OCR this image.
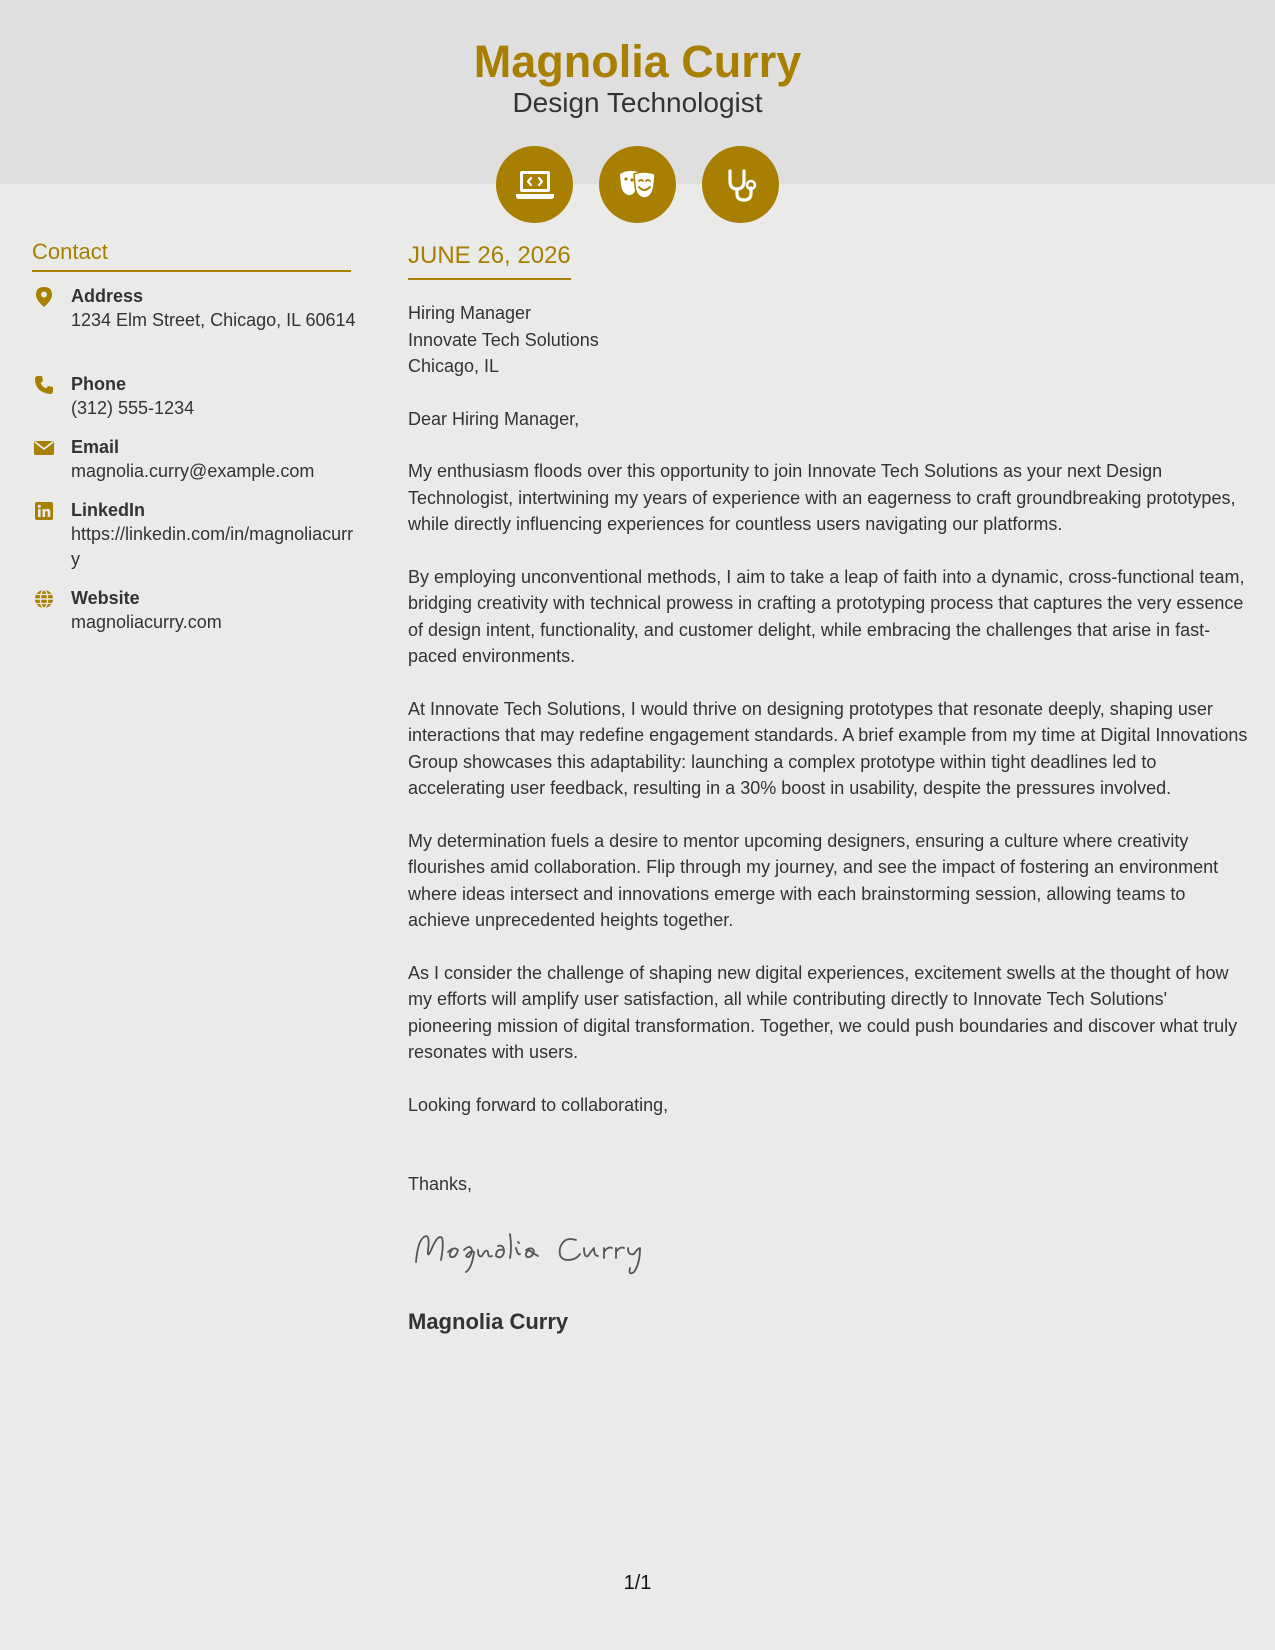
Magnolia Curry
Design Technologist
Contact
Address
1234 Elm Street, Chicago, IL 60614
Phone
(312) 555-1234
Email
magnolia.curry@example.com
LinkedIn
https://linkedin.com/in/magnoliacurry
Website
magnoliacurry.com
JUNE 26, 2026
Hiring Manager
Innovate Tech Solutions
Chicago, IL
Dear Hiring Manager,

My enthusiasm floods over this opportunity to join Innovate Tech Solutions as your next Design Technologist, intertwining my years of experience with an eagerness to craft groundbreaking prototypes, while directly influencing experiences for countless users navigating our platforms.

By employing unconventional methods, I aim to take a leap of faith into a dynamic, cross-functional team, bridging creativity with technical prowess in crafting a prototyping process that captures the very essence of design intent, functionality, and customer delight, while embracing the challenges that arise in fast-paced environments.

At Innovate Tech Solutions, I would thrive on designing prototypes that resonate deeply, shaping user interactions that may redefine engagement standards. A brief example from my time at Digital Innovations Group showcases this adaptability: launching a complex prototype within tight deadlines led to accelerating user feedback, resulting in a 30% boost in usability, despite the pressures involved.

My determination fuels a desire to mentor upcoming designers, ensuring a culture where creativity flourishes amid collaboration. Flip through my journey, and see the impact of fostering an environment where ideas intersect and innovations emerge with each brainstorming session, allowing teams to achieve unprecedented heights together.

As I consider the challenge of shaping new digital experiences, excitement swells at the thought of how my efforts will amplify user satisfaction, all while contributing directly to Innovate Tech Solutions' pioneering mission of digital transformation. Together, we could push boundaries and discover what truly resonates with users.

Looking forward to collaborating,
Thanks,
Magnolia Curry
1/1
